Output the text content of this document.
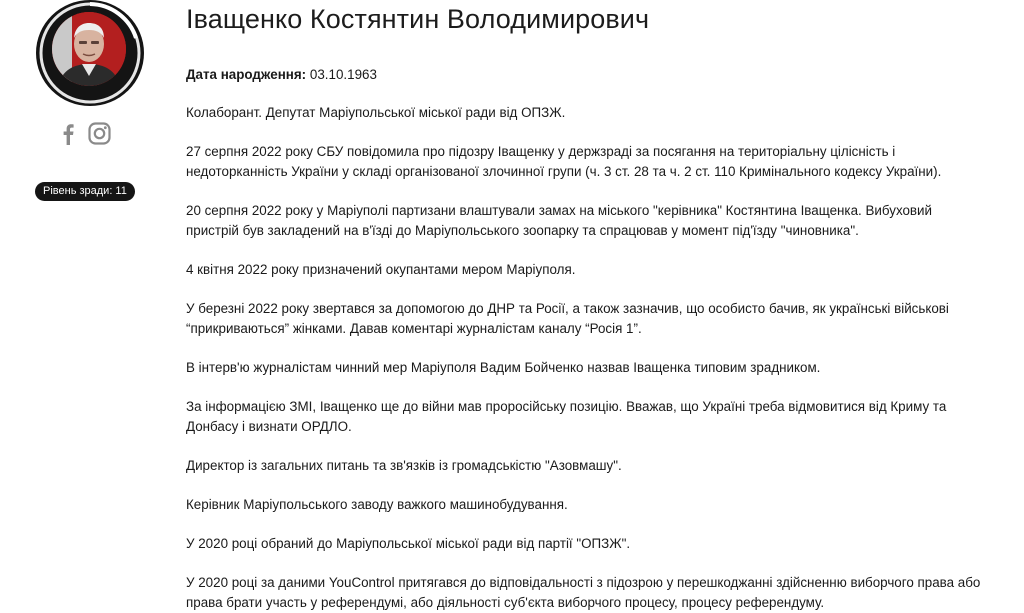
Рівень зради: 11
Іващенко Костянтин Володимирович
Дата народження: 03.10.1963

Колаборант. Депутат Маріупольської міської ради від ОПЗЖ.

27 серпня 2022 року СБУ повідомила про підозру Іващенку у держзраді за посягання на територіальну цілісність і недоторканність України у складі організованої злочинної групи (ч. 3 ст. 28 та ч. 2 ст. 110 Кримінального кодексу України).

20 серпня 2022 року у Маріуполі партизани влаштували замах на міського "керівника" Костянтина Іващенка. Вибуховий пристрій був закладений на в'їзді до Маріупольського зоопарку та спрацював у момент під'їзду "чиновника".

4 квітня 2022 року призначений окупантами мером Маріуполя.

У березні 2022 року звертався за допомогою до ДНР та Росії, а також зазначив, що особисто бачив, як українські військові “прикриваються” жінками. Давав коментарі журналістам каналу “Росія 1”.

В інтерв'ю журналістам чинний мер Маріуполя Вадим Бойченко назвав Іващенка типовим зрадником.

За інформацією ЗМІ, Іващенко ще до війни мав проросійську позицію. Вважав, що Україні треба відмовитися від Криму та Донбасу і визнати ОРДЛО.

Директор із загальних питань та зв'язків із громадськістю "Азовмашу".

Керівник Маріупольського заводу важкого машинобудування.

У 2020 році обраний до Маріупольської міської ради від партії "ОПЗЖ".

У 2020 році за даними YouControl притягався до відповідальності з підозрою у перешкоджанні здійсненню виборчого права або права брати участь у референдумі, або діяльності суб'єкта виборчого процесу, процесу референдуму.
